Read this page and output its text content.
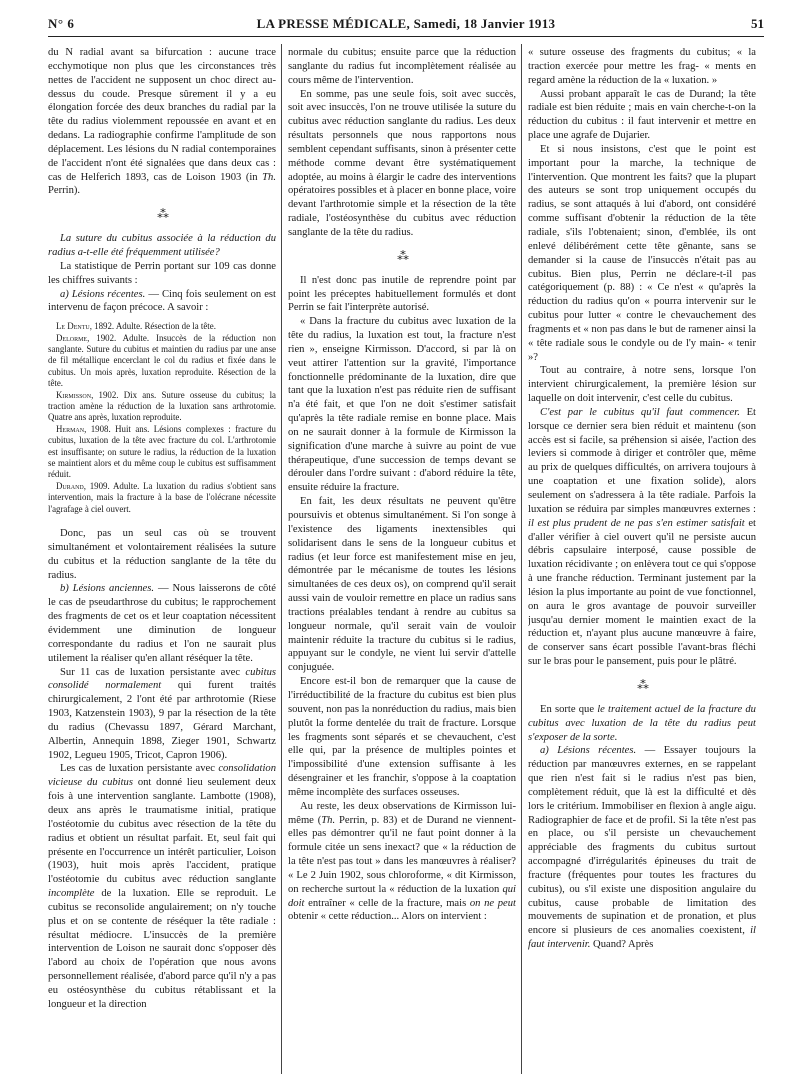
N° 6	LA PRESSE MÉDICALE, Samedi, 18 Janvier 1913	51

du N radial avant sa bifurcation : aucune trace ecchymotique non plus que les circonstances très nettes de l'accident ne supposent un choc direct au-dessus du coude. Presque sûrement il y a eu élongation forcée des deux branches du radial par la tête du radius violemment repoussée en avant et en dedans. La radiographie confirme l'amplitude de son déplacement. Les lésions du N radial contemporaines de l'accident n'ont été signalées que dans deux cas : cas de Helferich 1893, cas de Loison 1903 (in Th. Perrin).

⁂

La suture du cubitus associée à la réduction du radius a-t-elle été fréquemment utilisée?

La statistique de Perrin portant sur 109 cas donne les chiffres suivants :

a) Lésions récentes. — Cinq fois seulement on est intervenu de façon précoce. A savoir :

Le Dentu, 1892. Adulte. Résection de la tête.

Delorme, 1902. Adulte. Insuccès de la réduction non sanglante. Suture du cubitus et maintien du radius par une anse de fil métallique encerclant le col du radius et fixée dans le cubitus. Un mois après, luxation reproduite. Résection de la tête.

Kirmisson, 1902. Dix ans. Suture osseuse du cubitus; la traction amène la réduction de la luxation sans arthrotomie. Quatre ans après, luxation reproduite.

Herman, 1908. Huit ans. Lésions complexes : fracture du cubitus, luxation de la tête avec fracture du col. L'arthrotomie est insuffisante; on suture le radius, la réduction de la luxation se maintient alors et du même coup le cubitus est suffisamment réduit.

Durand, 1909. Adulte. La luxation du radius s'obtient sans intervention, mais la fracture à la base de l'olécrane nécessite l'agrafage à ciel ouvert.

Donc, pas un seul cas où se trouvent simultanément et volontairement réalisées la suture du cubitus et la réduction sanglante de la tête du radius.

b) Lésions anciennes. — Nous laisserons de côté le cas de pseudarthrose du cubitus; le rapprochement des fragments de cet os et leur coaptation nécessitent évidemment une diminution de longueur correspondante du radius et l'on ne saurait plus utilement la réaliser qu'en allant réséquer la tête.

Sur 11 cas de luxation persistante avec cubitus consolidé normalement qui furent traités chirurgicalement, 2 l'ont été par arthrotomie (Riese 1903, Katzenstein 1903), 9 par la résection de la tête du radius (Chevassu 1897, Gérard Marchant, Albertin, Annequin 1898, Zieger 1901, Schwartz 1902, Legueu 1905, Tricot, Capron 1906).

Les cas de luxation persistante avec consolidation vicieuse du cubitus ont donné lieu seulement deux fois à une intervention sanglante. Lambotte (1908), deux ans après le traumatisme initial, pratique l'ostéotomie du cubitus avec résection de la tête du radius et obtient un résultat parfait. Et, seul fait qui présente en l'occurrence un intérêt particulier, Loison (1903), huit mois après l'accident, pratique l'ostéotomie du cubitus avec réduction sanglante incomplète de la luxation. Elle se reproduit. Le cubitus se reconsolide angulairement; on n'y touche plus et on se contente de réséquer la tête radiale : résultat médiocre. L'insuccès de la première intervention de Loison ne saurait donc s'opposer dès l'abord au choix de l'opération que nous avons personnellement réalisée, d'abord parce qu'il n'y a pas eu ostéosynthèse du cubitus rétablissant et la longueur et la direction

normale du cubitus; ensuite parce que la réduction sanglante du radius fut incomplètement réalisée au cours même de l'intervention.

En somme, pas une seule fois, soit avec succès, soit avec insuccès, l'on ne trouve utilisée la suture du cubitus avec réduction sanglante du radius. Les deux résultats personnels que nous rapportons nous semblent cependant suffisants, sinon à présenter cette méthode comme devant être systématiquement adoptée, au moins à élargir le cadre des interventions opératoires possibles et à placer en bonne place, voire devant l'arthrotomie simple et la résection de la tête radiale, l'ostéosynthèse du cubitus avec réduction sanglante de la tête du radius.

⁂

Il n'est donc pas inutile de reprendre point par point les préceptes habituellement formulés et dont Perrin se fait l'interprète autorisé.

« Dans la fracture du cubitus avec luxation de la tête du radius, la luxation est tout, la fracture n'est rien », enseigne Kirmisson. D'accord, si par là on veut attirer l'attention sur la gravité, l'importance fonctionnelle prédominante de la luxation, dire que tant que la luxation n'est pas réduite rien de suffisant n'a été fait, et que l'on ne doit s'estimer satisfait qu'après la tête radiale remise en bonne place. Mais on ne saurait donner à la formule de Kirmisson la signification d'une marche à suivre au point de vue thérapeutique, d'une succession de temps devant se dérouler dans l'ordre suivant : d'abord réduire la tête, ensuite réduire la fracture.

En fait, les deux résultats ne peuvent qu'être poursuivis et obtenus simultanément. Si l'on songe à l'existence des ligaments inextensibles qui solidarisent dans le sens de la longueur cubitus et radius (et leur force est manifestement mise en jeu, démontrée par le mécanisme de toutes les lésions simultanées de ces deux os), on comprend qu'il serait aussi vain de vouloir remettre en place un radius sans tractions préalables tendant à rendre au cubitus sa longueur normale, qu'il serait vain de vouloir maintenir réduite la tracture du cubitus si le radius, appuyant sur le condyle, ne vient lui servir d'attelle conjuguée.

Encore est-il bon de remarquer que la cause de l'irréductibilité de la fracture du cubitus est bien plus souvent, non pas la nonréduction du radius, mais bien plutôt la forme dentelée du trait de fracture. Lorsque les fragments sont séparés et se chevauchent, c'est elle qui, par la présence de multiples pointes et l'impossibilité d'une extension suffisante à les désengrainer et les franchir, s'oppose à la coaptation même incomplète des surfaces osseuses.

Au reste, les deux observations de Kirmisson lui-même (Th. Perrin, p. 83) et de Durand ne viennent-elles pas démontrer qu'il ne faut point donner à la formule citée un sens inexact? que « la réduction de la tête n'est pas tout » dans les manœuvres à réaliser? « Le 2 Juin 1902, sous chloroforme, « dit Kirmisson, on recherche surtout la « réduction de la luxation qui doit entraîner « celle de la fracture, mais on ne peut obtenir « cette réduction... Alors on intervient :

« suture osseuse des fragments du cubitus; « la traction exercée pour mettre les frag- « ments en regard amène la réduction de la « luxation. »

Aussi probant apparaît le cas de Durand; la tête radiale est bien réduite ; mais en vain cherche-t-on la réduction du cubitus : il faut intervenir et mettre en place une agrafe de Dujarier.

Et si nous insistons, c'est que le point est important pour la marche, la technique de l'intervention. Que montrent les faits? que la plupart des auteurs se sont trop uniquement occupés du radius, se sont attaqués à lui d'abord, ont considéré comme suffisant d'obtenir la réduction de la tête radiale, s'ils l'obtenaient; sinon, d'emblée, ils ont enlevé délibérément cette tête gênante, sans se demander si la cause de l'insuccès n'était pas au cubitus. Bien plus, Perrin ne déclare-t-il pas catégoriquement (p. 88) : « Ce n'est « qu'après la réduction du radius qu'on « pourra intervenir sur le cubitus pour lutter « contre le chevauchement des fragments et « non pas dans le but de ramener ainsi la « tête radiale sous le condyle ou de l'y main- « tenir »?

Tout au contraire, à notre sens, lorsque l'on intervient chirurgicalement, la première lésion sur laquelle on doit intervenir, c'est celle du cubitus.

C'est par le cubitus qu'il faut commencer. Et lorsque ce dernier sera bien réduit et maintenu (son accès est si facile, sa préhension si aisée, l'action des leviers si commode à diriger et contrôler que, même au prix de quelques difficultés, on arrivera toujours à une coaptation et une fixation solide), alors seulement on s'adressera à la tête radiale. Parfois la luxation se réduira par simples manœuvres externes : il est plus prudent de ne pas s'en estimer satisfait et d'aller vérifier à ciel ouvert qu'il ne persiste aucun débris capsulaire interposé, cause possible de luxation récidivante ; on enlèvera tout ce qui s'oppose à une franche réduction. Terminant justement par la lésion la plus importante au point de vue fonctionnel, on aura le gros avantage de pouvoir surveiller jusqu'au dernier moment le maintien exact de la réduction et, n'ayant plus aucune manœuvre à faire, de conserver sans écart possible l'avant-bras fléchi sur le bras pour le pansement, puis pour le plâtré.

⁂

En sorte que le traitement actuel de la fracture du cubitus avec luxation de la tête du radius peut s'exposer de la sorte.

a) Lésions récentes. — Essayer toujours la réduction par manœuvres externes, en se rappelant que rien n'est fait si le radius n'est pas bien, complètement réduit, que là est la difficulté et dès lors le critérium. Immobiliser en flexion à angle aigu. Radiographier de face et de profil. Si la tête n'est pas en place, ou s'il persiste un chevauchement appréciable des fragments du cubitus surtout accompagné d'irrégularités épineuses du trait de fracture (fréquentes pour toutes les fractures du cubitus), ou s'il existe une disposition angulaire du cubitus, cause probable de limitation des mouvements de supination et de pronation, et plus encore si plusieurs de ces anomalies coexistent, il faut intervenir. Quand? Après
